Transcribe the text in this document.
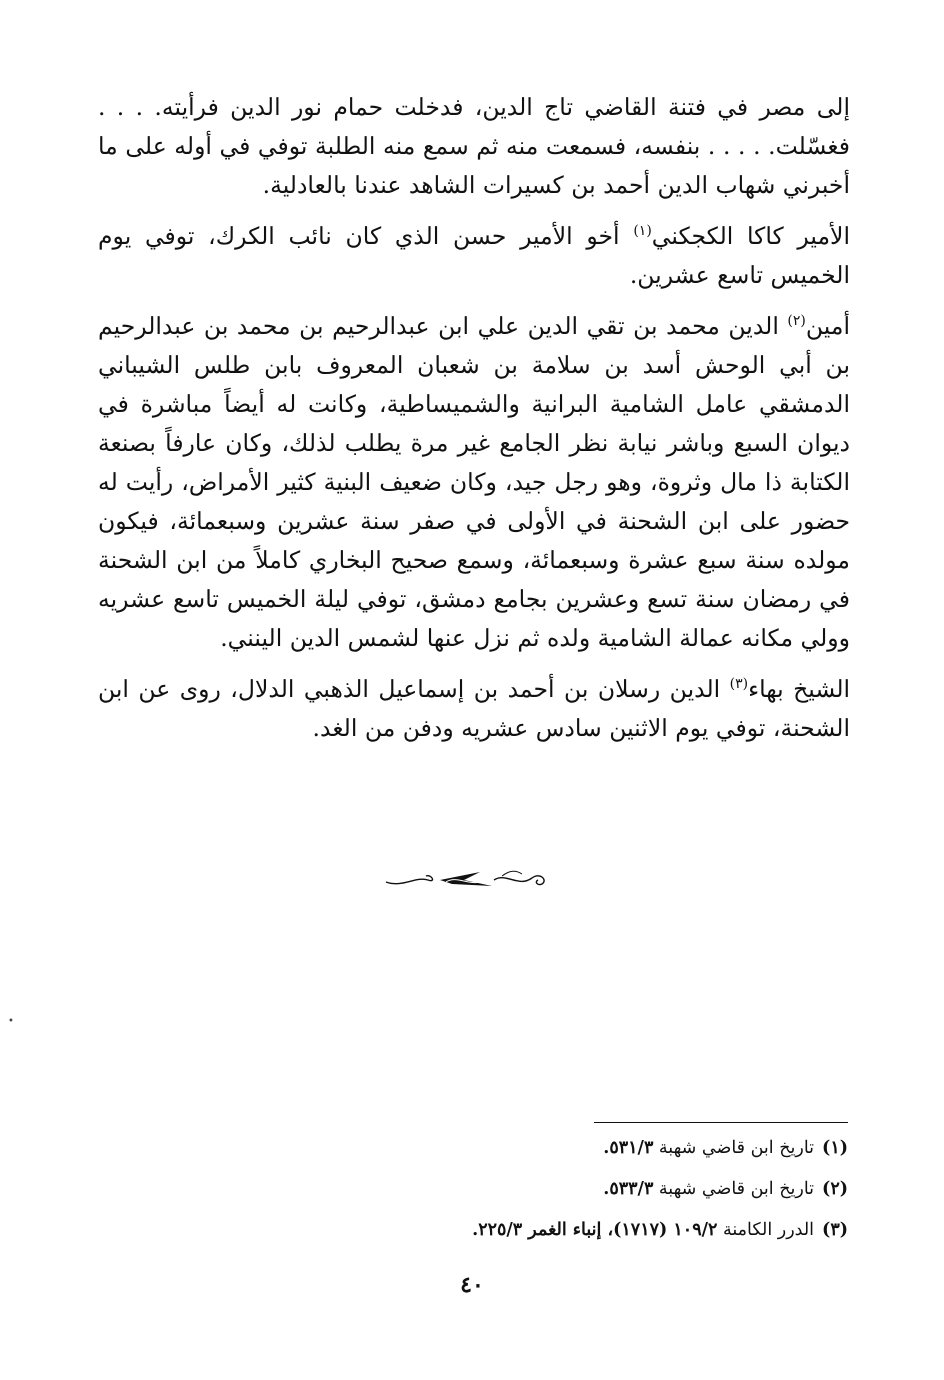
إلى مصر في فتنة القاضي تاج الدين، فدخلت حمام نور الدين فرأيته. . . . فغسّلت. . . . . بنفسه، فسمعت منه ثم سمع منه الطلبة توفي في أوله على ما أخبرني شهاب الدين أحمد بن كسيرات الشاهد عندنا بالعادلية.

الأمير كاكا الكجكني$^{(١)}$ أخو الأمير حسن الذي كان نائب الكرك، توفي يوم الخميس تاسع عشرين.

أمين$^{(٢)}$ الدين محمد بن تقي الدين علي ابن عبدالرحيم بن محمد بن عبدالرحيم بن أبي الوحش أسد بن سلامة بن شعبان المعروف بابن طلس الشيباني الدمشقي عامل الشامية البرانية والشميساطية، وكانت له أيضاً مباشرة في ديوان السبع وباشر نيابة نظر الجامع غير مرة يطلب لذلك، وكان عارفاً بصنعة الكتابة ذا مال وثروة، وهو رجل جيد، وكان ضعيف البنية كثير الأمراض، رأيت له حضور على ابن الشحنة في الأولى في صفر سنة عشرين وسبعمائة، فيكون مولده سنة سبع عشرة وسبعمائة، وسمع صحيح البخاري كاملاً من ابن الشحنة في رمضان سنة تسع وعشرين بجامع دمشق، توفي ليلة الخميس تاسع عشريه وولي مكانه عمالة الشامية ولده ثم نزل عنها لشمس الدين الينني.

الشيخ بهاء$^{(٣)}$ الدين رسلان بن أحمد بن إسماعيل الذهبي الدلال، روى عن ابن الشحنة، توفي يوم الاثنين سادس عشريه ودفن من الغد.

•
(١)تاريخ ابن قاضي شهبة ٥٣١/٣.
(٢)تاريخ ابن قاضي شهبة ٥٣٣/٣.
(٣)الدرر الكامنة ١٠٩/٢ (١٧١٧)، إنباء الغمر ٢٢٥/٣.
٤٠
